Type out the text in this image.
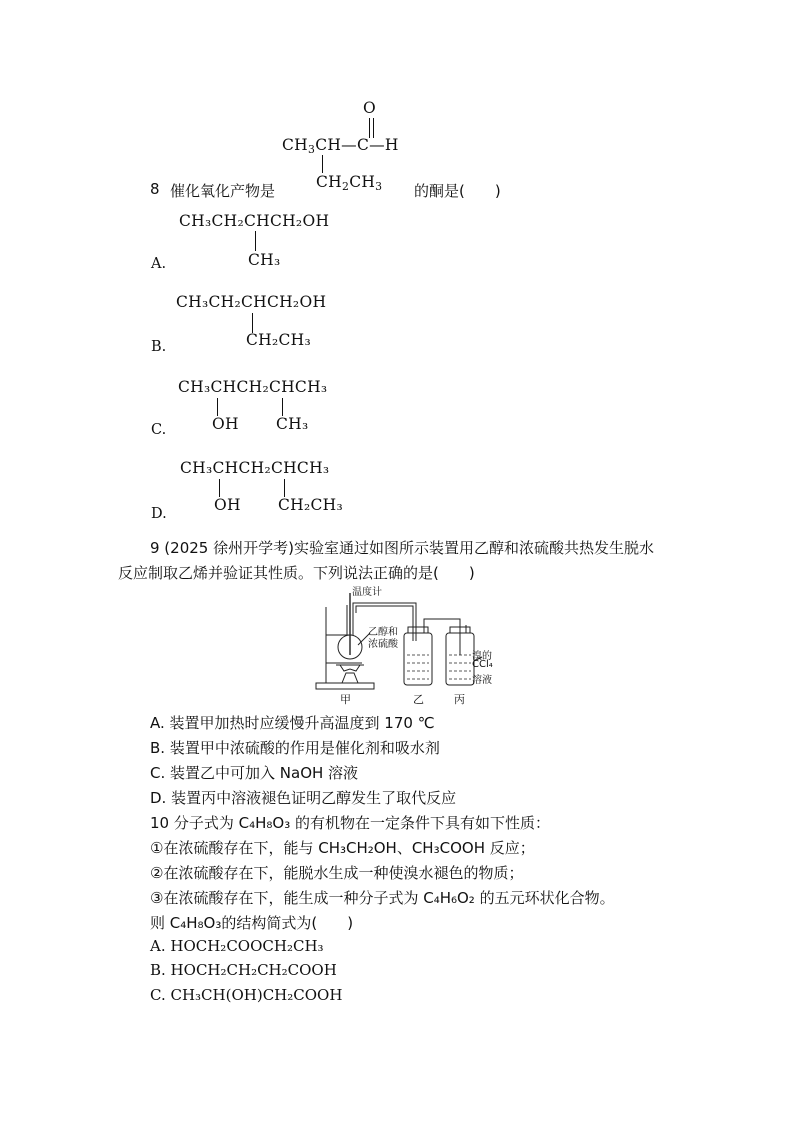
O
$CH_3CH—C—H$
$CH_2CH_3$
8 催化氧化产物是	的酮是(　　)
CH₃CH₂CHCH₂OH
A.	CH₃
CH₃CH₂CHCH₂OH
B.	CH₂CH₃
CH₃CHCH₂CHCH₃
C.	OH CH₃
CH₃CHCH₂CHCH₃
D.	OH CH₂CH₃
9 (2025 徐州开学考)实验室通过如图所示装置用乙醇和浓硫酸共热发生脱水
反应制取乙烯并验证其性质。下列说法正确的是(　　)
温度计
乙醇和
浓硫酸
溴的
CCl₄
溶液
甲	乙	丙
A. 装置甲加热时应缓慢升高温度到 170 ℃
B. 装置甲中浓硫酸的作用是催化剂和吸水剂
C. 装置乙中可加入 NaOH 溶液
D. 装置丙中溶液褪色证明乙醇发生了取代反应
10 分子式为 C₄H₈O₃ 的有机物在一定条件下具有如下性质：
①在浓硫酸存在下，能与 CH₃CH₂OH、CH₃COOH 反应；
②在浓硫酸存在下，能脱水生成一种使溴水褪色的物质；
③在浓硫酸存在下，能生成一种分子式为 C₄H₆O₂ 的五元环状化合物。
则 C₄H₈O₃的结构简式为(　　)
A. HOCH₂COOCH₂CH₃
B. HOCH₂CH₂CH₂COOH
C. CH₃CH(OH)CH₂COOH
